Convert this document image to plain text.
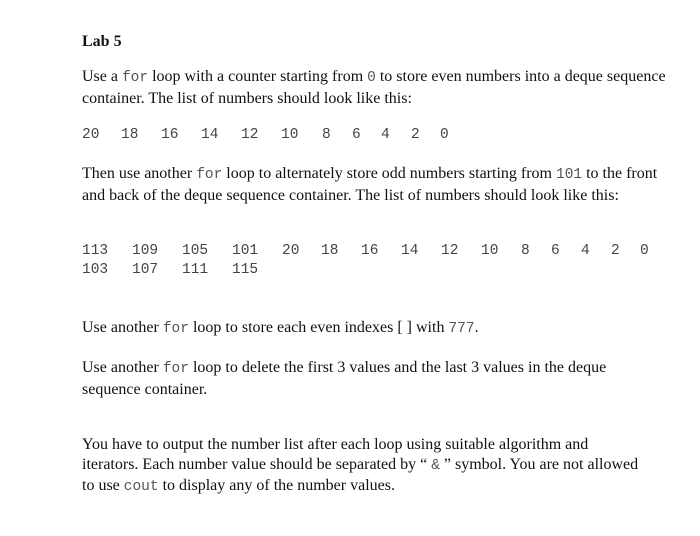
Lab 5
Use a for loop with a counter starting from 0 to store even numbers into a deque sequence container. The list of numbers should look like this:
20 18 16 14 12 10 8 6 4 2 0
Then use another for loop to alternately store odd numbers starting from 101 to the front and back of the deque sequence container. The list of numbers should look like this:
113 109 105 101 20 18 16 14 12 10 8 6 4 2 0
103 107 111 115
Use another for loop to store each even indexes [ ] with 777.
Use another for loop to delete the first 3 values and the last 3 values in the deque sequence container.
You have to output the number list after each loop using suitable algorithm and iterators. Each number value should be separated by “ & ” symbol. You are not allowed to use cout to display any of the number values.
